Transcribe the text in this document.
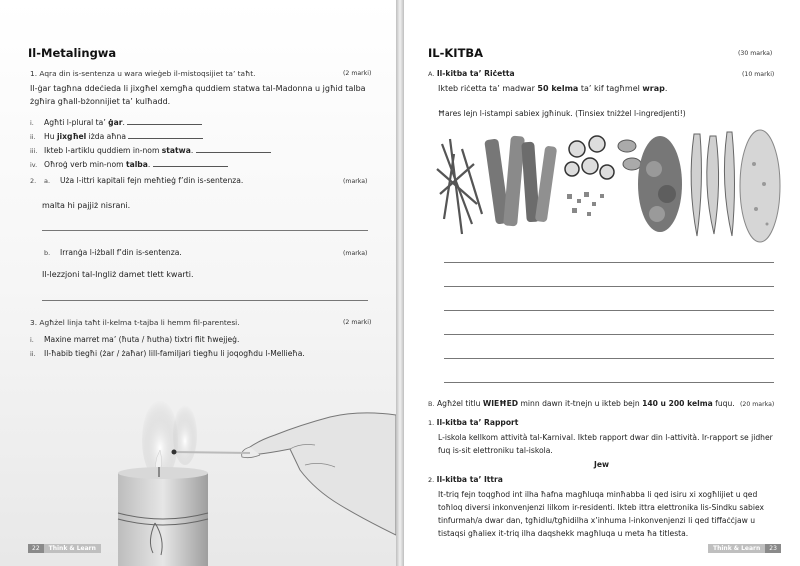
Il-Metalingwa
1. Aqra din is-sentenza u wara wieġeb il-mistoqsijiet ta’ taħt.	(2 marki)
Il-ġar tagħna ddeċieda li jixgħel xemgħa quddiem statwa tal-Madonna u jgħid talba
żgħira għall-bżonnijiet ta’ kulħadd.
i. Agħti l-plural ta’ ġar.
ii. Hu jixgħel iżda aħna
iii. Ikteb l-artiklu quddiem in-nom statwa.
iv. Oħroġ verb min-nom talba.
2. a. Uża l-ittri kapitali fejn meħtieġ f’din is-sentenza.	(marka)
malta hi pajjiż nisrani.
b. Irranġa l-iżball f’din is-sentenza.	(marka)
Il-lezzjoni tal-Ingliż damet tlett kwarti.
3. Agħżel linja taħt il-kelma t-tajba li hemm fil-parentesi.	(2 marki)
i. Maxine marret ma’ (ħuta / ħutha) tixtri flit ħwejjeġ.
ii. Il-ħabib tiegħi (żar / żaħar) lill-familjari tiegħu li joqogħdu l-Mellieħa.
22 Think & Learn
IL-KITBA	(30 marka)
A. Il-kitba ta’ Riċetta	(10 marki)
Ikteb riċetta ta’ madwar 50 kelma ta’ kif tagħmel wrap.
Ħares lejn l-istampi sabiex jgħinuk. (Tinsiex tniżżel l-ingredjenti!)
B. Agħżel titlu WIEĦED minn dawn it-tnejn u ikteb bejn 140 u 200 kelma fuqu. (20 marka)
1. Il-kitba ta’ Rapport
L-iskola kellkom attività tal-Karnival. Ikteb rapport dwar din l-attività. Ir-rapport se jidher
fuq is-sit elettroniku tal-iskola.
Jew
2. Il-kitba ta’ Ittra
It-triq fejn toqgħod int ilha ħafna magħluqa minħabba li qed isiru xi xogħlijiet u qed
toħloq diversi inkonvenjenzi lilkom ir-residenti. Ikteb ittra elettronika lis-Sindku sabiex
tinfurmah/a dwar dan, tgħidlu/tgħidilha x’inhuma l-inkonvenjenzi li qed tiffaċċjaw u
tistaqsi għaliex it-triq ilha daqshekk magħluqa u meta ħa titlesta.
Think & Learn 23
